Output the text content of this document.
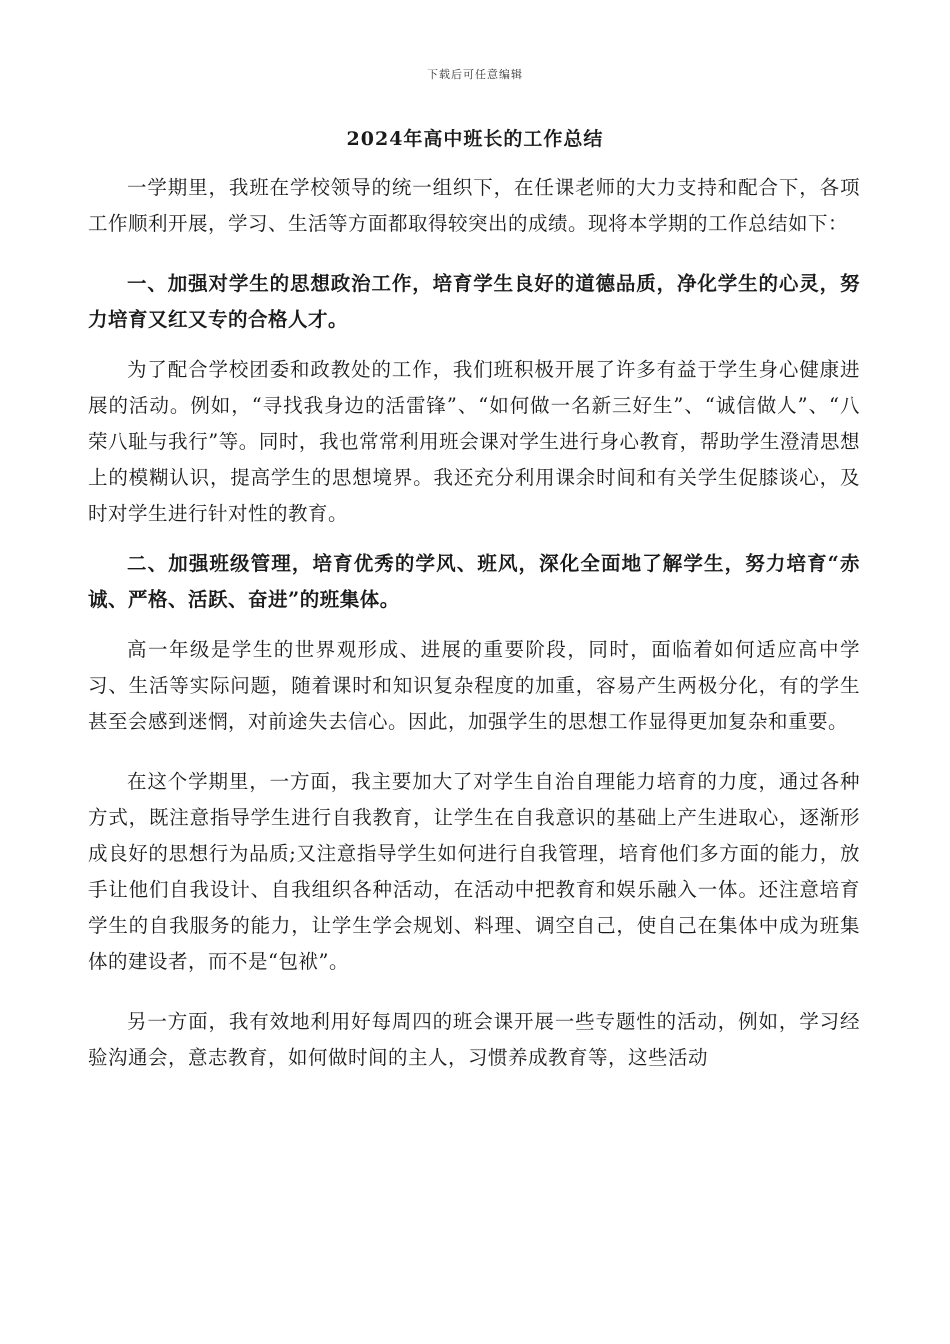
下载后可任意编辑
2024年高中班长的工作总结

一学期里，我班在学校领导的统一组织下，在任课老师的大力支持和配合下，各项工作顺利开展，学习、生活等方面都取得较突出的成绩。现将本学期的工作总结如下：

一、加强对学生的思想政治工作，培育学生良好的道德品质，净化学生的心灵，努力培育又红又专的合格人才。

为了配合学校团委和政教处的工作，我们班积极开展了许多有益于学生身心健康进展的活动。例如，“寻找我身边的活雷锋”、“如何做一名新三好生”、“诚信做人”、“八荣八耻与我行”等。同时，我也常常利用班会课对学生进行身心教育，帮助学生澄清思想上的模糊认识，提高学生的思想境界。我还充分利用课余时间和有关学生促膝谈心，及时对学生进行针对性的教育。

二、加强班级管理，培育优秀的学风、班风，深化全面地了解学生，努力培育“赤诚、严格、活跃、奋进”的班集体。

高一年级是学生的世界观形成、进展的重要阶段，同时，面临着如何适应高中学习、生活等实际问题，随着课时和知识复杂程度的加重，容易产生两极分化，有的学生甚至会感到迷惘，对前途失去信心。因此，加强学生的思想工作显得更加复杂和重要。

在这个学期里，一方面，我主要加大了对学生自治自理能力培育的力度，通过各种方式，既注意指导学生进行自我教育，让学生在自我意识的基础上产生进取心，逐渐形成良好的思想行为品质;又注意指导学生如何进行自我管理，培育他们多方面的能力，放手让他们自我设计、自我组织各种活动，在活动中把教育和娱乐融入一体。还注意培育学生的自我服务的能力，让学生学会规划、料理、调空自己，使自己在集体中成为班集体的建设者，而不是“包袱”。

另一方面，我有效地利用好每周四的班会课开展一些专题性的活动，例如，学习经验沟通会，意志教育，如何做时间的主人，习惯养成教育等，这些活动
